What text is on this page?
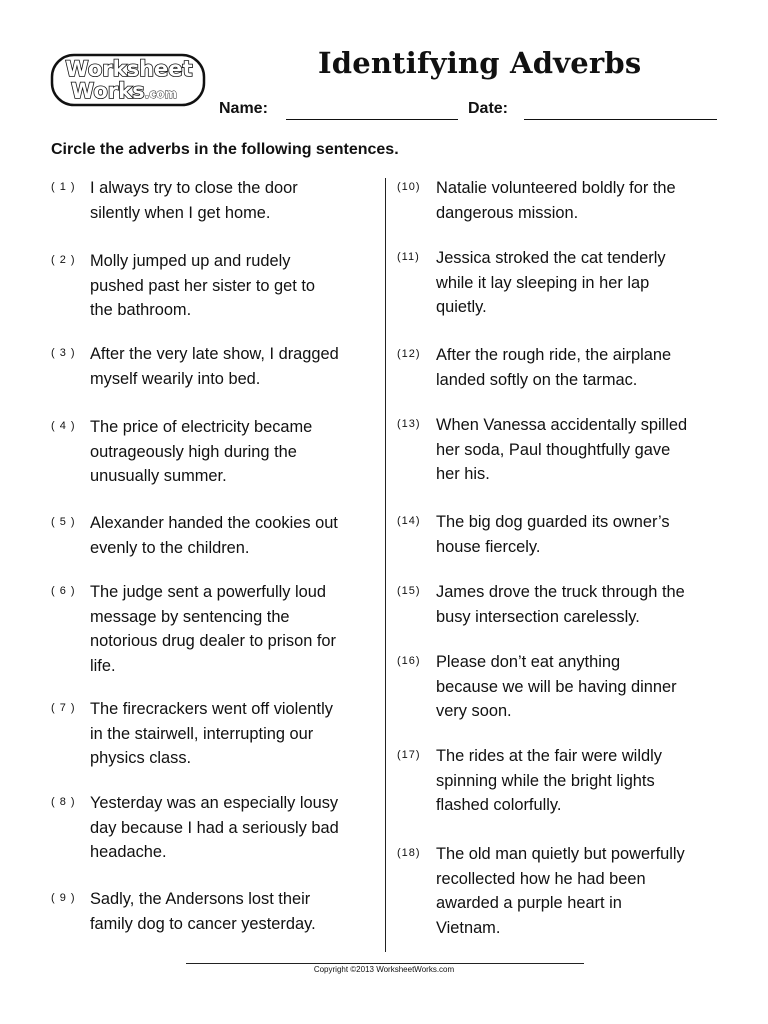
Worksheet
Works.com
Identifying Adverbs
Name:	Date:
Circle the adverbs in the following sentences.
( 1 ) I always try to close the door
silently when I get home.
( 2 ) Molly jumped up and rudely
pushed past her sister to get to
the bathroom.
( 3 ) After the very late show, I dragged
myself wearily into bed.
( 4 ) The price of electricity became
outrageously high during the
unusually summer.
( 5 ) Alexander handed the cookies out
evenly to the children.
( 6 ) The judge sent a powerfully loud
message by sentencing the
notorious drug dealer to prison for
life.
( 7 ) The firecrackers went off violently
in the stairwell, interrupting our
physics class.
( 8 ) Yesterday was an especially lousy
day because I had a seriously bad
headache.
( 9 ) Sadly, the Andersons lost their
family dog to cancer yesterday.
(10) Natalie volunteered boldly for the
dangerous mission.
(11) Jessica stroked the cat tenderly
while it lay sleeping in her lap
quietly.
(12) After the rough ride, the airplane
landed softly on the tarmac.
(13) When Vanessa accidentally spilled
her soda, Paul thoughtfully gave
her his.
(14) The big dog guarded its owner’s
house fiercely.
(15) James drove the truck through the
busy intersection carelessly.
(16) Please don’t eat anything
because we will be having dinner
very soon.
(17) The rides at the fair were wildly
spinning while the bright lights
flashed colorfully.
(18) The old man quietly but powerfully
recollected how he had been
awarded a purple heart in
Vietnam.
Copyright ©2013 WorksheetWorks.com
